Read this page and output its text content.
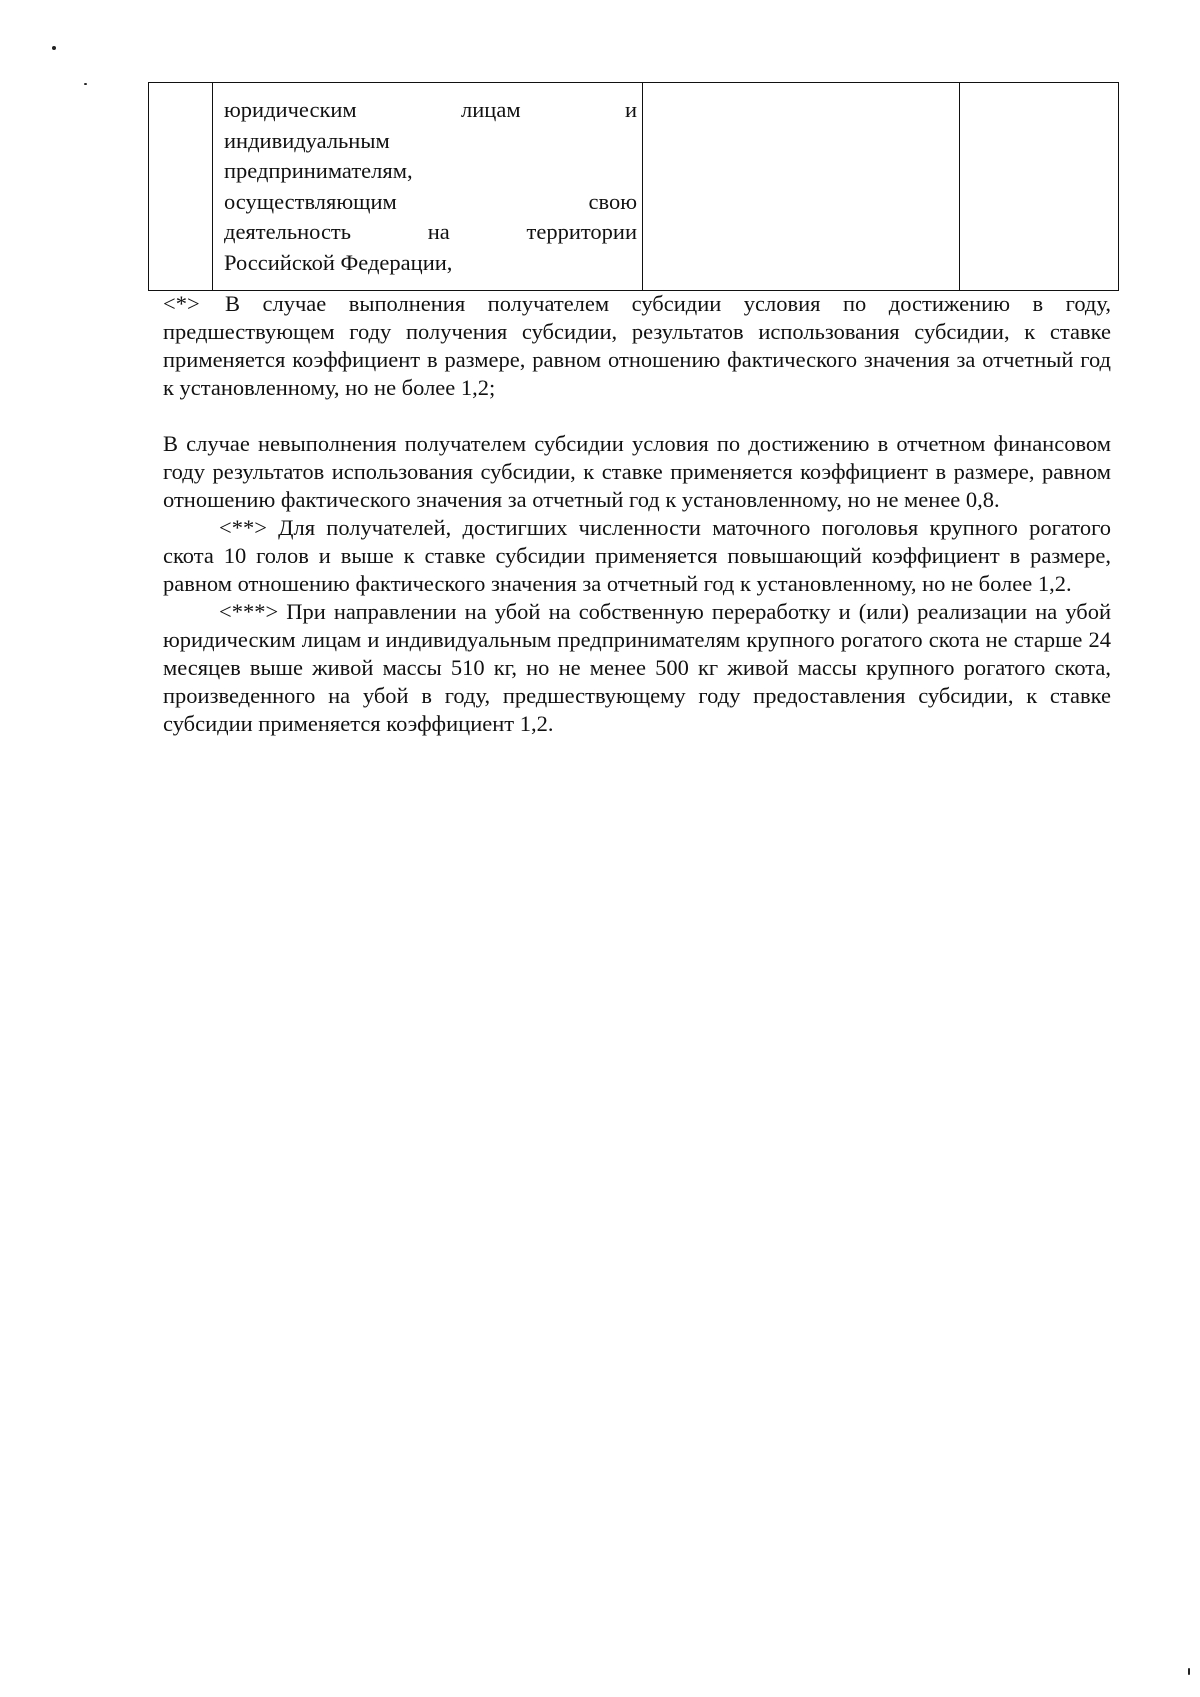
юридическим	лицам	и
индивидуальным
предпринимателям,
осуществляющим	свою
деятельность	на	территории
Российской Федерации,

<*> В случае выполнения получателем субсидии условия по достижению в году, предшествующем году получения субсидии, результатов использования субсидии, к ставке применяется коэффициент в размере, равном отношению фактического значения за отчетный год к установленному, но не более 1,2;

В случае невыполнения получателем субсидии условия по достижению в отчетном финансовом году результатов использования субсидии, к ставке применяется коэффициент в размере, равном отношению фактического значения за отчетный год к установленному, но не менее 0,8.

<**> Для получателей, достигших численности маточного поголовья крупного рогатого скота 10 голов и выше к ставке субсидии применяется повышающий коэффициент в размере, равном отношению фактического значения за отчетный год к установленному, но не более 1,2.

<***> При направлении на убой на собственную переработку и (или) реализации на убой юридическим лицам и индивидуальным предпринимателям крупного рогатого скота не старше 24 месяцев выше живой массы 510 кг, но не менее 500 кг живой массы крупного рогатого скота, произведенного на убой в году, предшествующему году предоставления субсидии, к ставке субсидии применяется коэффициент 1,2.
